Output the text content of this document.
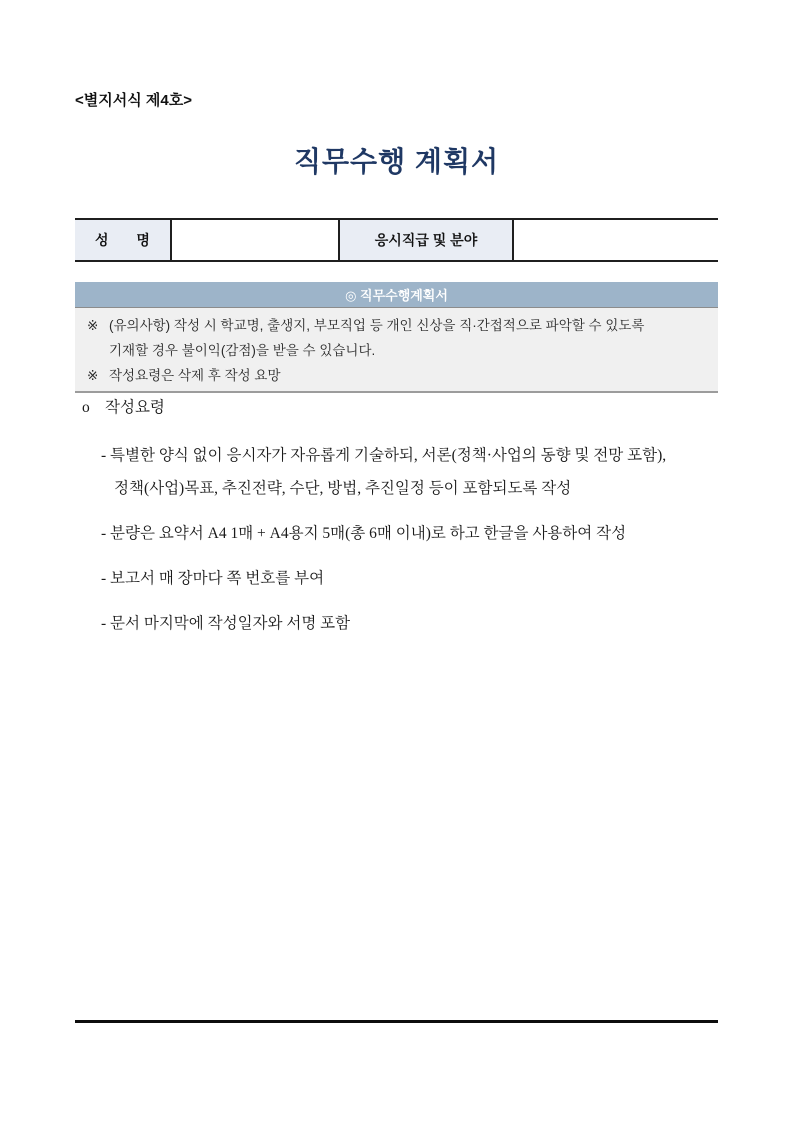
<별지서식 제4호>
직무수행 계획서
성 명	응시직급 및 분야
◎ 직무수행계획서
※ (유의사항) 작성 시 학교명, 출생지, 부모직업 등 개인 신상을 직·간접적으로 파악할 수 있도록
기재할 경우 불이익(감점)을 받을 수 있습니다.
※ 작성요령은 삭제 후 작성 요망
o 작성요령
- 특별한 양식 없이 응시자가 자유롭게 기술하되, 서론(정책·사업의 동향 및 전망 포함),
정책(사업)목표, 추진전략, 수단, 방법, 추진일정 등이 포함되도록 작성
- 분량은 요약서 A4 1매 + A4용지 5매(총 6매 이내)로 하고 한글을 사용하여 작성
- 보고서 매 장마다 쪽 번호를 부여
- 문서 마지막에 작성일자와 서명 포함
